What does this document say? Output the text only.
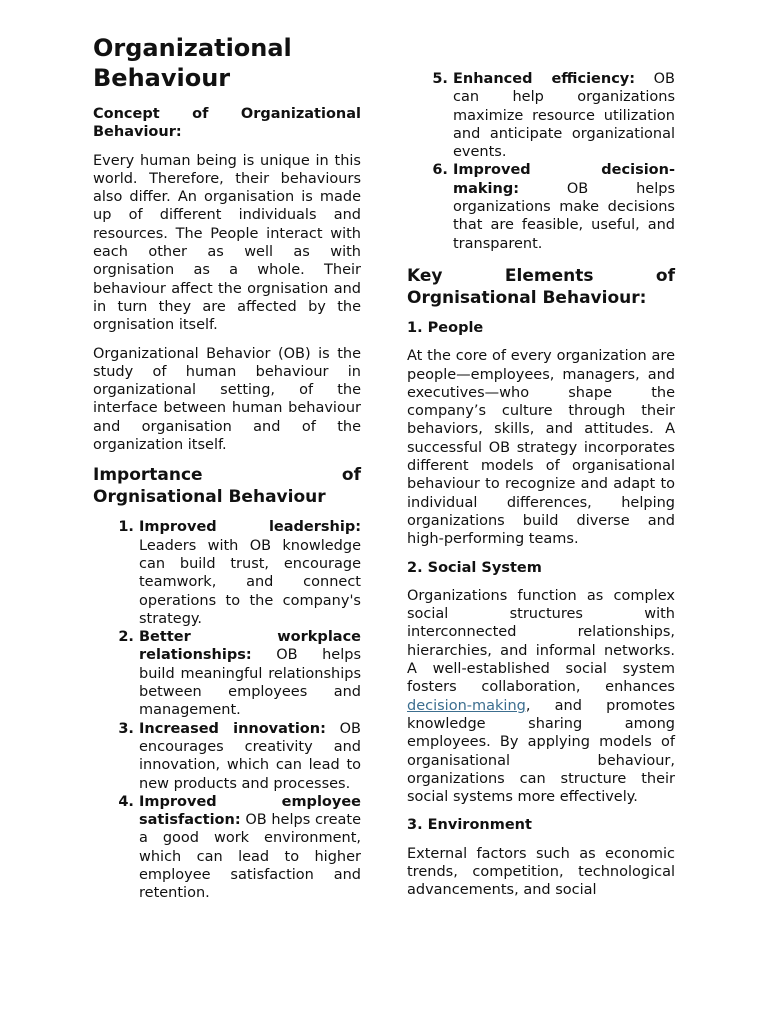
Organizational Behaviour
Concept of Organizational Behaviour:

Every human being is unique in this world. Therefore, their behaviours also differ. An organisation is made up of different individuals and resources. The People interact with each other as well as with orgnisation as a whole. Their behaviour affect the orgnisation and in turn they are affected by the orgnisation itself.

Organizational Behavior (OB) is the study of human behaviour in organizational setting, of the interface between human behaviour and organisation and of the organization itself.

Importance of Orgnisational Behaviour
1. Improved leadership: Leaders with OB knowledge can build trust, encourage teamwork, and connect operations to the company's strategy.
2. Better workplace relationships: OB helps build meaningful relationships between employees and management.
3. Increased innovation: OB encourages creativity and innovation, which can lead to new products and processes.
4. Improved employee satisfaction: OB helps create a good work environment, which can lead to higher employee satisfaction and retention.
5. Enhanced efficiency: OB can help organizations maximize resource utilization and anticipate organizational events.
6. Improved decision-making: OB helps organizations make decisions that are feasible, useful, and transparent.
Key Elements of Orgnisational Behaviour:
1. People

At the core of every organization are people—employees, managers, and executives—who shape the company’s culture through their behaviors, skills, and attitudes. A successful OB strategy incorporates different models of organisational behaviour to recognize and adapt to individual differences, helping organizations build diverse and high-performing teams.

2. Social System

Organizations function as complex social structures with interconnected relationships, hierarchies, and informal networks. A well-established social system fosters collaboration, enhances decision-making, and promotes knowledge sharing among employees. By applying models of organisational behaviour, organizations can structure their social systems more effectively.

3. Environment

External factors such as economic trends, competition, technological advancements, and social
